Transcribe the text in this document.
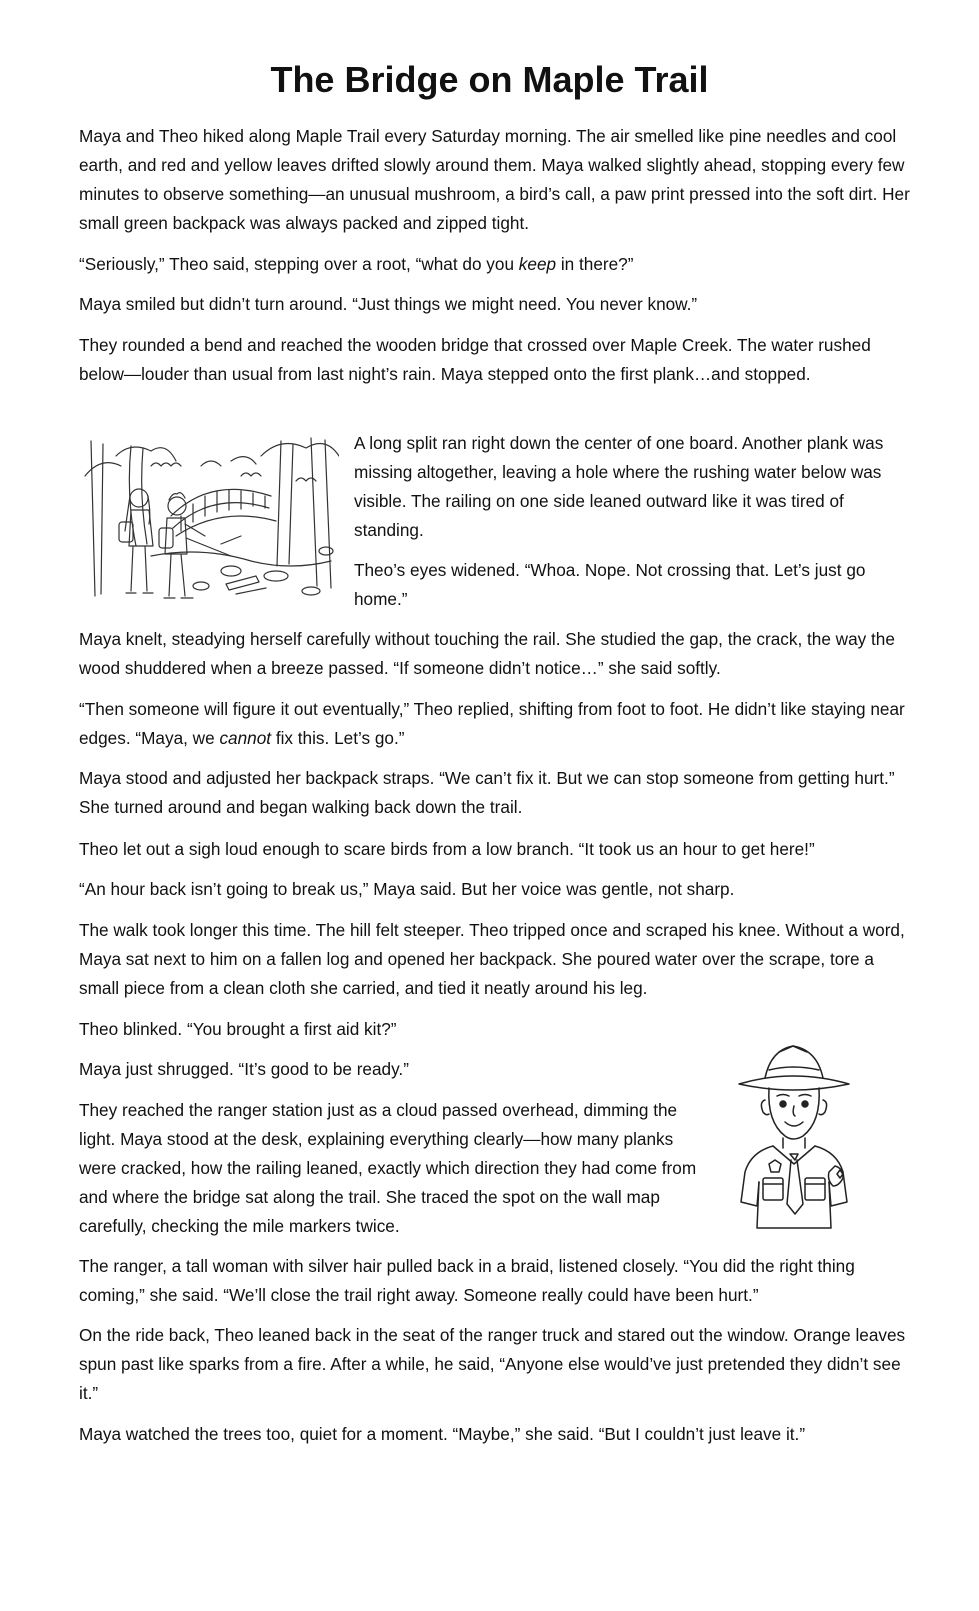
The Bridge on Maple Trail

Maya and Theo hiked along Maple Trail every Saturday morning. The air smelled like pine needles and cool earth, and red and yellow leaves drifted slowly around them. Maya walked slightly ahead, stopping every few minutes to observe something—an unusual mushroom, a bird’s call, a paw print pressed into the soft dirt. Her small green backpack was always packed and zipped tight.

“Seriously,” Theo said, stepping over a root, “what do you keep in there?”

Maya smiled but didn’t turn around. “Just things we might need. You never know.”

They rounded a bend and reached the wooden bridge that crossed over Maple Creek. The water rushed below—louder than usual from last night’s rain. Maya stepped onto the first plank…and stopped.

A long split ran right down the center of one board. Another plank was missing altogether, leaving a hole where the rushing water below was visible. The railing on one side leaned outward like it was tired of standing.

Theo’s eyes widened. “Whoa. Nope. Not crossing that. Let’s just go home.”

Maya knelt, steadying herself carefully without touching the rail. She studied the gap, the crack, the way the wood shuddered when a breeze passed. “If someone didn’t notice…” she said softly.

“Then someone will figure it out eventually,” Theo replied, shifting from foot to foot. He didn’t like staying near edges. “Maya, we cannot fix this. Let’s go.”

Maya stood and adjusted her backpack straps. “We can’t fix it. But we can stop someone from getting hurt.” She turned around and began walking back down the trail.

Theo let out a sigh loud enough to scare birds from a low branch. “It took us an hour to get here!”

“An hour back isn’t going to break us,” Maya said. But her voice was gentle, not sharp.

The walk took longer this time. The hill felt steeper. Theo tripped once and scraped his knee. Without a word, Maya sat next to him on a fallen log and opened her backpack. She poured water over the scrape, tore a small piece from a clean cloth she carried, and tied it neatly around his leg.

Theo blinked. “You brought a first aid kit?”

Maya just shrugged. “It’s good to be ready.”

They reached the ranger station just as a cloud passed overhead, dimming the light. Maya stood at the desk, explaining everything clearly—how many planks were cracked, how the railing leaned, exactly which direction they had come from and where the bridge sat along the trail. She traced the spot on the wall map carefully, checking the mile markers twice.

The ranger, a tall woman with silver hair pulled back in a braid, listened closely. “You did the right thing coming,” she said. “We’ll close the trail right away. Someone really could have been hurt.”

On the ride back, Theo leaned back in the seat of the ranger truck and stared out the window. Orange leaves spun past like sparks from a fire. After a while, he said, “Anyone else would’ve just pretended they didn’t see it.”

Maya watched the trees too, quiet for a moment. “Maybe,” she said. “But I couldn’t just leave it.”
